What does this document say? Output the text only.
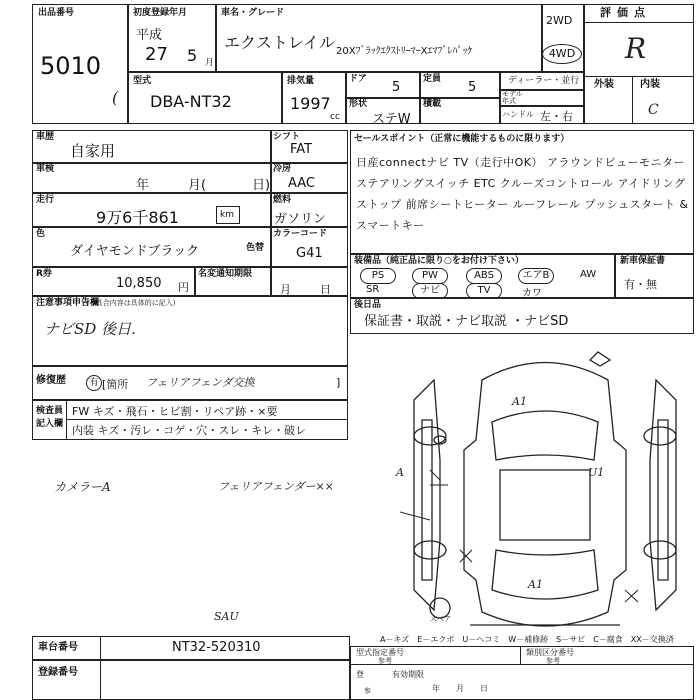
出品番号
5010
(
初度登録年月
平成
27 5 月
車名・グレード
エクストレイル 20XﾌﾞﾗｯｸｴｸｽﾄﾘｰﾏｰXｴﾏﾌﾞﾚﾊﾟｯｹ
2WD
4WD
評価点
R
外装	内装
C
型式
DBA-NT32
排気量
1997
cc
ドア
5
定員
5	ディーラー・並行
形状
ステW
積載
モデル年式
ハンドル 左・右
車歴
自家用
シフト
FAT
車検
年	月(	日)
冷房
AAC
走行
9万6千861	km
燃料
ガソリン
色
ダイヤモンドブラック	色替
カラーコード
G41
R券
10,850 円
名変通知期限
月	日
セールスポイント（正常に機能するものに限ります）
日産connectナビ TV（走行中OK） アラウンドビューモニター ステアリングスイッチ ETC クルーズコントロール アイドリングストップ 前席シートヒーター ルーフレール プッシュスタート &スマートキー
装備品（純正品に限り○をお付け下さい）	新車保証書
有・無
PS	PW	ABS	エアB	AW
SR	ナビ	TV	カワ
注意事項申告欄
(不具合内容は具体的に記入)
ナビSD 後日.
後日品
保証書・取説・ナビ取説 ・ナビSD
修復歴	有 [箇所 フェリアフェンダ交換	]
検査員
記入欄
FW キズ・飛石・ヒビ割・リペア跡・×要
内装 キズ・汚レ・コゲ・穴・スレ・キレ・破レ
カメラーA	フェリアフェンダー××
SAU
A1
A1
U1
A
スペア
A－キズ　E－エクボ　U－ヘコミ　W－補修跡　S－サビ　C－腐食　XX－交換済
車台番号	NT32-520310
登録番号
型式指定番号
参考
類別区分番号
参考
登	有効期限
年 月 日
参
